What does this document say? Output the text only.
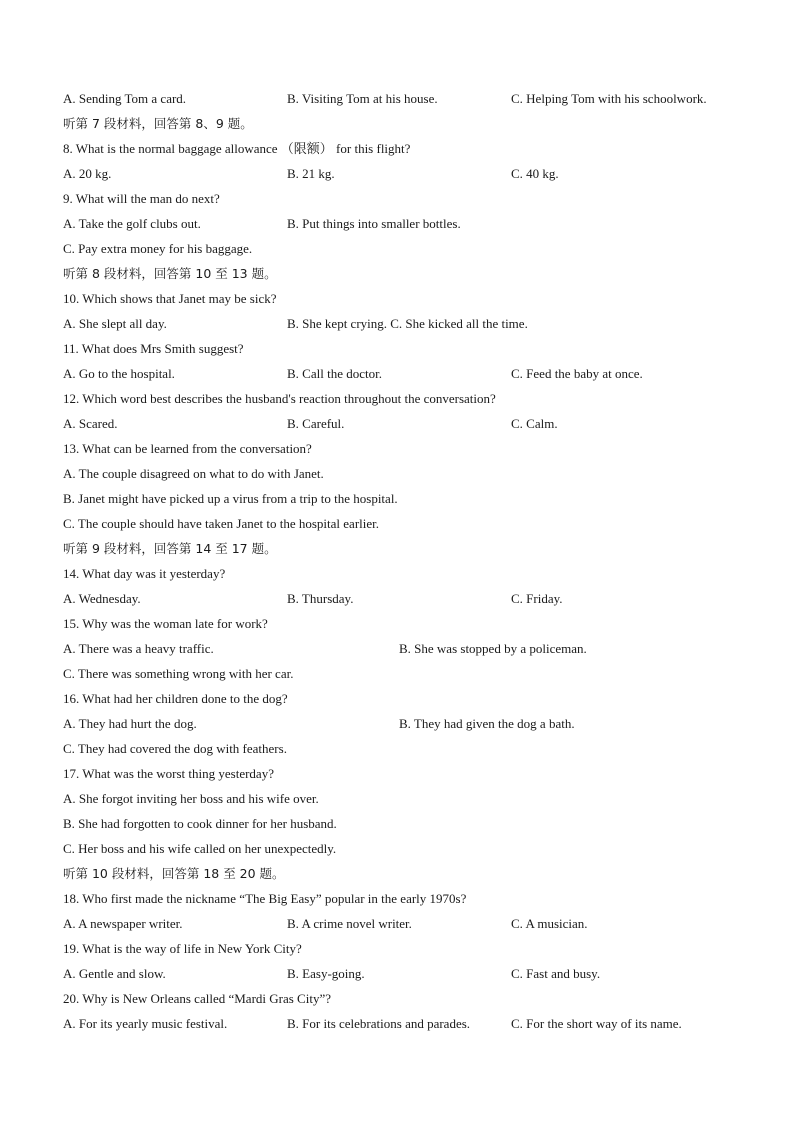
A. Sending Tom a card.	B. Visiting Tom at his house.	C. Helping Tom with his schoolwork.
听第 7 段材料，回答第 8、9 题。
8. What is the normal baggage allowance （限额） for this flight?
A. 20 kg.	B. 21 kg.	C. 40 kg.
9. What will the man do next?
A. Take the golf clubs out.	B. Put things into smaller bottles.
C. Pay extra money for his baggage.
听第 8 段材料，回答第 10 至 13 题。
10. Which shows that Janet may be sick?
A. She slept all day.	B. She kept crying. C. She kicked all the time.
11. What does Mrs Smith suggest?
A. Go to the hospital.	B. Call the doctor.	C. Feed the baby at once.
12. Which word best describes the husband's reaction throughout the conversation?
A. Scared.	B. Careful.	C. Calm.
13. What can be learned from the conversation?
A. The couple disagreed on what to do with Janet.
B. Janet might have picked up a virus from a trip to the hospital.
C. The couple should have taken Janet to the hospital earlier.
听第 9 段材料，回答第 14 至 17 题。
14. What day was it yesterday?
A. Wednesday.	B. Thursday.	C. Friday.
15. Why was the woman late for work?
A. There was a heavy traffic.	B. She was stopped by a policeman.
C. There was something wrong with her car.
16. What had her children done to the dog?
A. They had hurt the dog.	B. They had given the dog a bath.
C. They had covered the dog with feathers.
17. What was the worst thing yesterday?
A. She forgot inviting her boss and his wife over.
B. She had forgotten to cook dinner for her husband.
C. Her boss and his wife called on her unexpectedly.
听第 10 段材料，回答第 18 至 20 题。
18. Who first made the nickname “The Big Easy” popular in the early 1970s?
A. A newspaper writer.	B. A crime novel writer.	C. A musician.
19. What is the way of life in New York City?
A. Gentle and slow.	B. Easy-going.	C. Fast and busy.
20. Why is New Orleans called “Mardi Gras City”?
A. For its yearly music festival.	B. For its celebrations and parades.	C. For the short way of its name.
